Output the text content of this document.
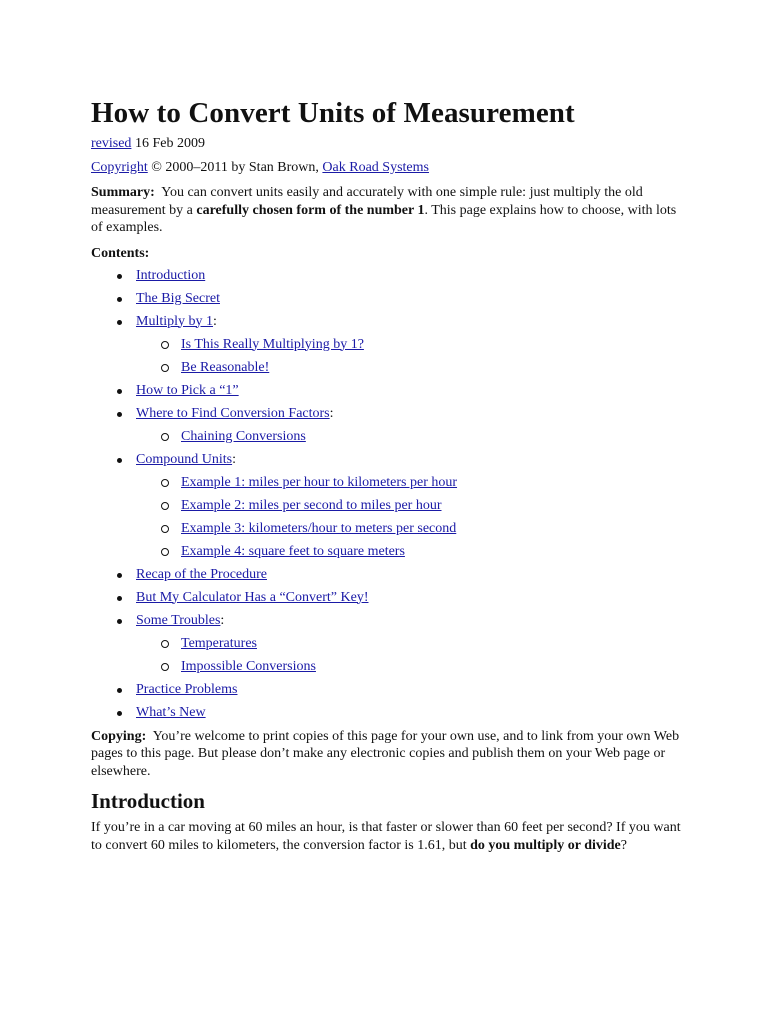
How to Convert Units of Measurement

revised 16 Feb 2009

Copyright © 2000–2011 by Stan Brown, Oak Road Systems

Summary:  You can convert units easily and accurately with one simple rule: just multiply the old measurement by a carefully chosen form of the number 1. This page explains how to choose, with lots of examples.

Contents:
Introduction
The Big Secret
Multiply by 1:
Is This Really Multiplying by 1?
Be Reasonable!
How to Pick a “1”
Where to Find Conversion Factors:
Chaining Conversions
Compound Units:
Example 1: miles per hour to kilometers per hour
Example 2: miles per second to miles per hour
Example 3: kilometers/hour to meters per second
Example 4: square feet to square meters
Recap of the Procedure
But My Calculator Has a “Convert” Key!
Some Troubles:
Temperatures
Impossible Conversions
Practice Problems
What’s New

Copying:  You’re welcome to print copies of this page for your own use, and to link from your own Web pages to this page. But please don’t make any electronic copies and publish them on your Web page or elsewhere.

Introduction

If you’re in a car moving at 60 miles an hour, is that faster or slower than 60 feet per second? If you want to convert 60 miles to kilometers, the conversion factor is 1.61, but do you multiply or divide?
